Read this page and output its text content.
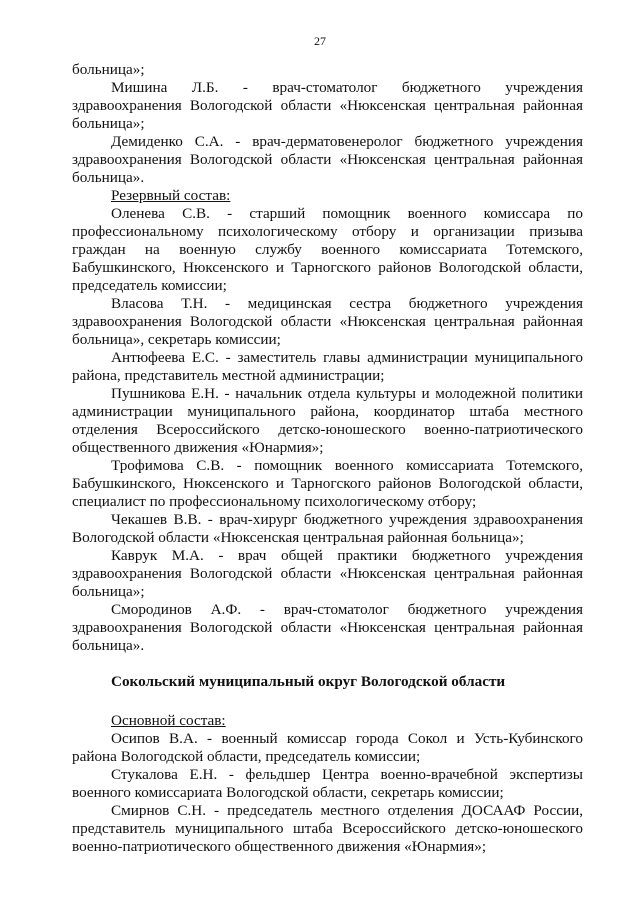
27

больница»;

Мишина Л.Б. - врач-стоматолог бюджетного учреждения здравоохранения Вологодской области «Нюксенская центральная районная больница»;

Демиденко С.А. - врач-дерматовенеролог бюджетного учреждения здравоохранения Вологодской области «Нюксенская центральная районная больница».

Резервный состав:

Оленева С.В. - старший помощник военного комиссара по профессиональному психологическому отбору и организации призыва граждан на военную службу военного комиссариата Тотемского, Бабушкинского, Нюксенского и Тарногского районов Вологодской области, председатель комиссии;

Власова Т.Н. - медицинская сестра бюджетного учреждения здравоохранения Вологодской области «Нюксенская центральная районная больница», секретарь комиссии;

Антюфеева Е.С. - заместитель главы администрации муниципального района, представитель местной администрации;

Пушникова Е.Н. - начальник отдела культуры и молодежной политики администрации муниципального района, координатор штаба местного отделения Всероссийского детско-юношеского военно-патриотического общественного движения «Юнармия»;

Трофимова С.В. - помощник военного комиссариата Тотемского, Бабушкинского, Нюксенского и Тарногского районов Вологодской области, специалист по профессиональному психологическому отбору;

Чекашев В.В. - врач-хирург бюджетного учреждения здравоохранения Вологодской области «Нюксенская центральная районная больница»;

Каврук М.А. - врач общей практики бюджетного учреждения здравоохранения Вологодской области «Нюксенская центральная районная больница»;

Смородинов А.Ф. - врач-стоматолог бюджетного учреждения здравоохранения Вологодской области «Нюксенская центральная районная больница».

Сокольский муниципальный округ Вологодской области

Основной состав:

Осипов В.А. - военный комиссар города Сокол и Усть-Кубинского района Вологодской области, председатель комиссии;

Стукалова Е.Н. - фельдшер Центра военно-врачебной экспертизы военного комиссариата Вологодской области, секретарь комиссии;

Смирнов С.Н. - председатель местного отделения ДОСААФ России, представитель муниципального штаба Всероссийского детско-юношеского военно-патриотического общественного движения «Юнармия»;
